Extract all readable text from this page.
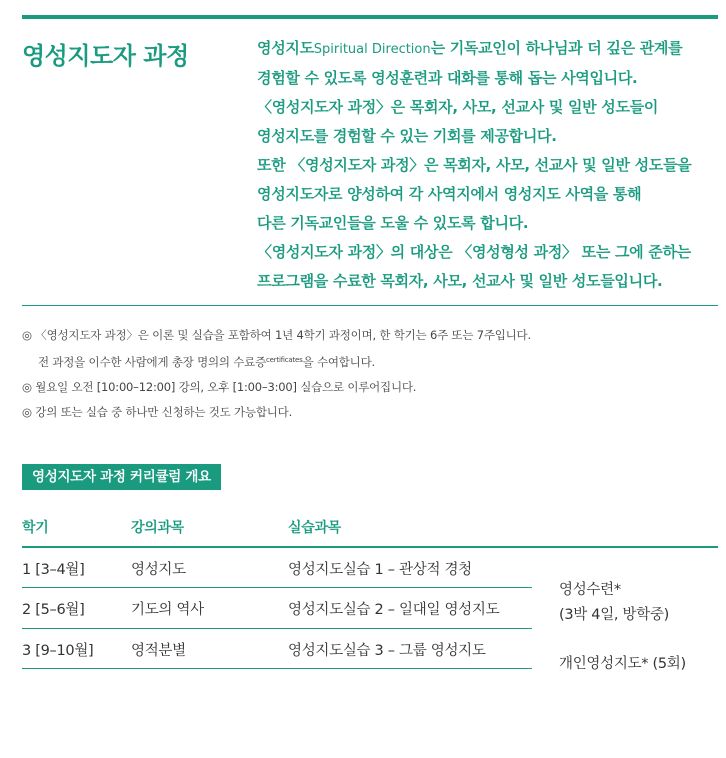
영성지도자 과정	영성지도Spiritual Direction는 기독교인이 하나님과 더 깊은 관계를
경험할 수 있도록 영성훈련과 대화를 통해 돕는 사역입니다.
〈영성지도자 과정〉은 목회자, 사모, 선교사 및 일반 성도들이
영성지도를 경험할 수 있는 기회를 제공합니다.
또한 〈영성지도자 과정〉은 목회자, 사모, 선교사 및 일반 성도들을
영성지도자로 양성하여 각 사역지에서 영성지도 사역을 통해
다른 기독교인들을 도울 수 있도록 합니다.
〈영성지도자 과정〉의 대상은 〈영성형성 과정〉 또는 그에 준하는
프로그램을 수료한 목회자, 사모, 선교사 및 일반 성도들입니다.
◎ 〈영성지도자 과정〉은 이론 및 실습을 포함하여 1년 4학기 과정이며, 한 학기는 6주 또는 7주입니다.
전 과정을 이수한 사람에게 총장 명의의 수료증$^{certificates}$을 수여합니다.
◎ 월요일 오전 [10:00–12:00] 강의, 오후 [1:00–3:00] 실습으로 이루어집니다.
◎ 강의 또는 실습 중 하나만 신청하는 것도 가능합니다.
영성지도자 과정 커리큘럼 개요
학기	강의과목	실습과목
1 [3–4월]	영성지도	영성지도실습 1 – 관상적 경청
2 [5–6월]	기도의 역사	영성지도실습 2 – 일대일 영성지도
3 [9–10월]	영적분별	영성지도실습 3 – 그룹 영성지도
영성수련*
(3박 4일, 방학중)
개인영성지도* (5회)
